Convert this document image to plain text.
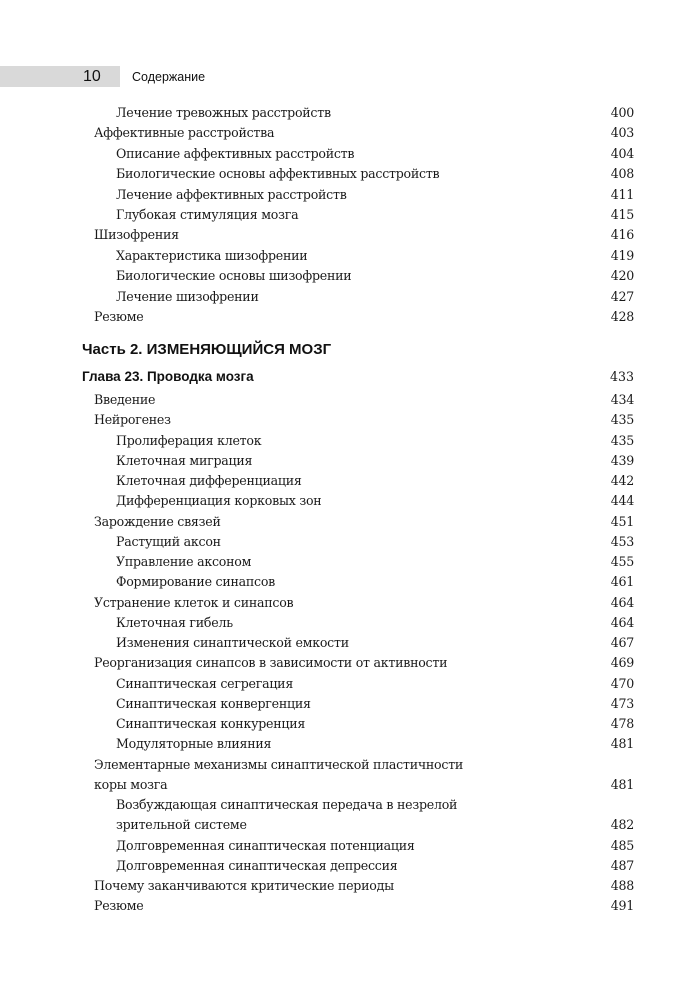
10 Содержание
Лечение тревожных расстройств	400
Аффективные расстройства	403
Описание аффективных расстройств	404
Биологические основы аффективных расстройств	408
Лечение аффективных расстройств	411
Глубокая стимуляция мозга	415
Шизофрения	416
Характеристика шизофрении	419
Биологические основы шизофрении	420
Лечение шизофрении	427
Резюме	428
Часть 2. ИЗМЕНЯЮЩИЙСЯ МОЗГ
Глава 23. Проводка мозга	433
Введение	434
Нейрогенез	435
Пролиферация клеток	435
Клеточная миграция	439
Клеточная дифференциация	442
Дифференциация корковых зон	444
Зарождение связей	451
Растущий аксон	453
Управление аксоном	455
Формирование синапсов	461
Устранение клеток и синапсов	464
Клеточная гибель	464
Изменения синаптической емкости	467
Реорганизация синапсов в зависимости от активности	469
Синаптическая сегрегация	470
Синаптическая конвергенция	473
Синаптическая конкуренция	478
Модуляторные влияния	481
Элементарные механизмы синаптической пластичности
коры мозга	481
Возбуждающая синаптическая передача в незрелой
зрительной системе	482
Долговременная синаптическая потенциация	485
Долговременная синаптическая депрессия	487
Почему заканчиваются критические периоды	488
Резюме	491
